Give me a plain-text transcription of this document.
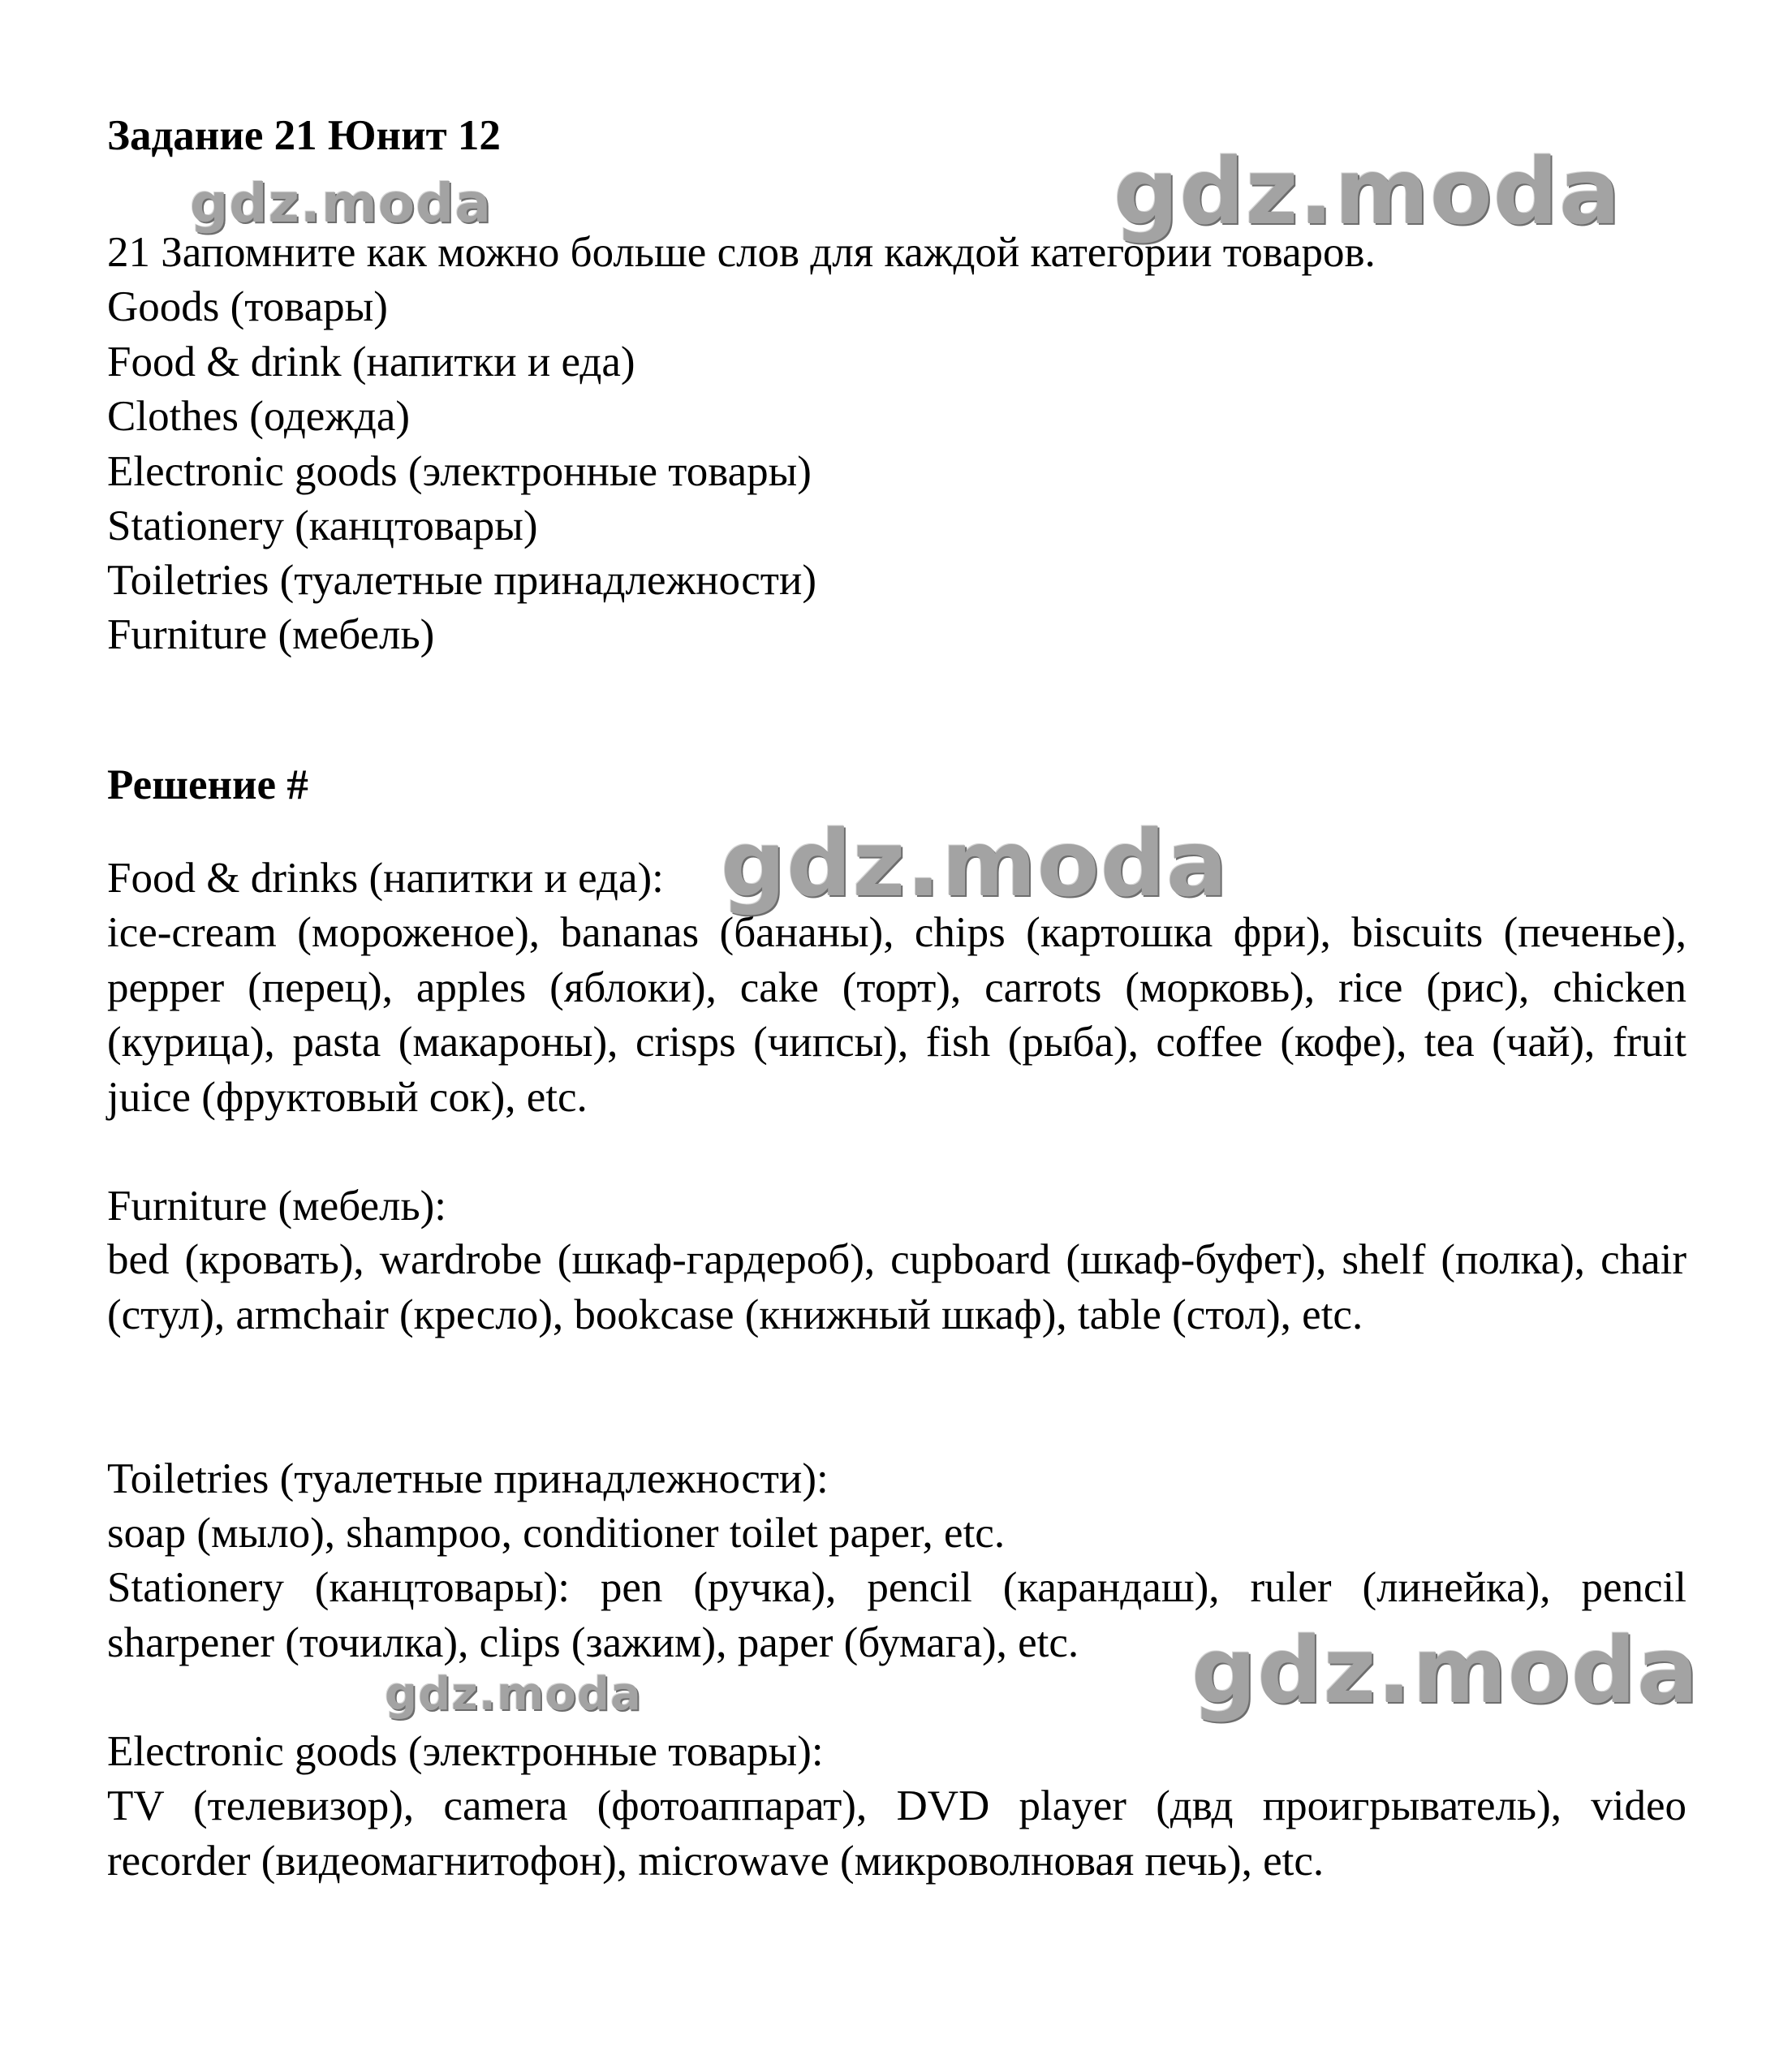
Задание 21 Юнит 12
21 Запомните как можно больше слов для каждой категории товаров.
Goods (товары)
Food & drink (напитки и еда)
Clothes (одежда)
Electronic goods (электронные товары)
Stationery (канцтовары)
Toiletries (туалетные принадлежности)
Furniture (мебель)
Решение #
Food & drinks (напитки и еда):
ice-cream (мороженое), bananas (бананы), chips (картошка фри), biscuits (печенье), pepper (перец), apples (яблоки), cake (торт), carrots (морковь), rice (рис), chicken (курица), pasta (макароны), crisps (чипсы), fish (рыба), coffee (кофе), tea (чай), fruit juice (фруктовый сок), etc.
Furniture (мебель):
bed (кровать), wardrobe (шкаф-гардероб), cupboard (шкаф-буфет), shelf (полка), chair (стул), armchair (кресло), bookcase (книжный шкаф), table (стол), etc.
Toiletries (туалетные принадлежности):
soap (мыло), shampoo, conditioner toilet paper, etc.
Stationery (канцтовары): pen (ручка), pencil (карандаш), ruler (линейка), pencil sharpener (точилка), clips (зажим), paper (бумага), etc.
Electronic goods (электронные товары):
TV (телевизор), camera (фотоаппарат), DVD player (двд проигрыватель), video recorder (видеомагнитофон), microwave (микроволновая печь), etc.
gdz.moda	gdz.moda
gdz.moda
gdz.moda
gdz.moda
